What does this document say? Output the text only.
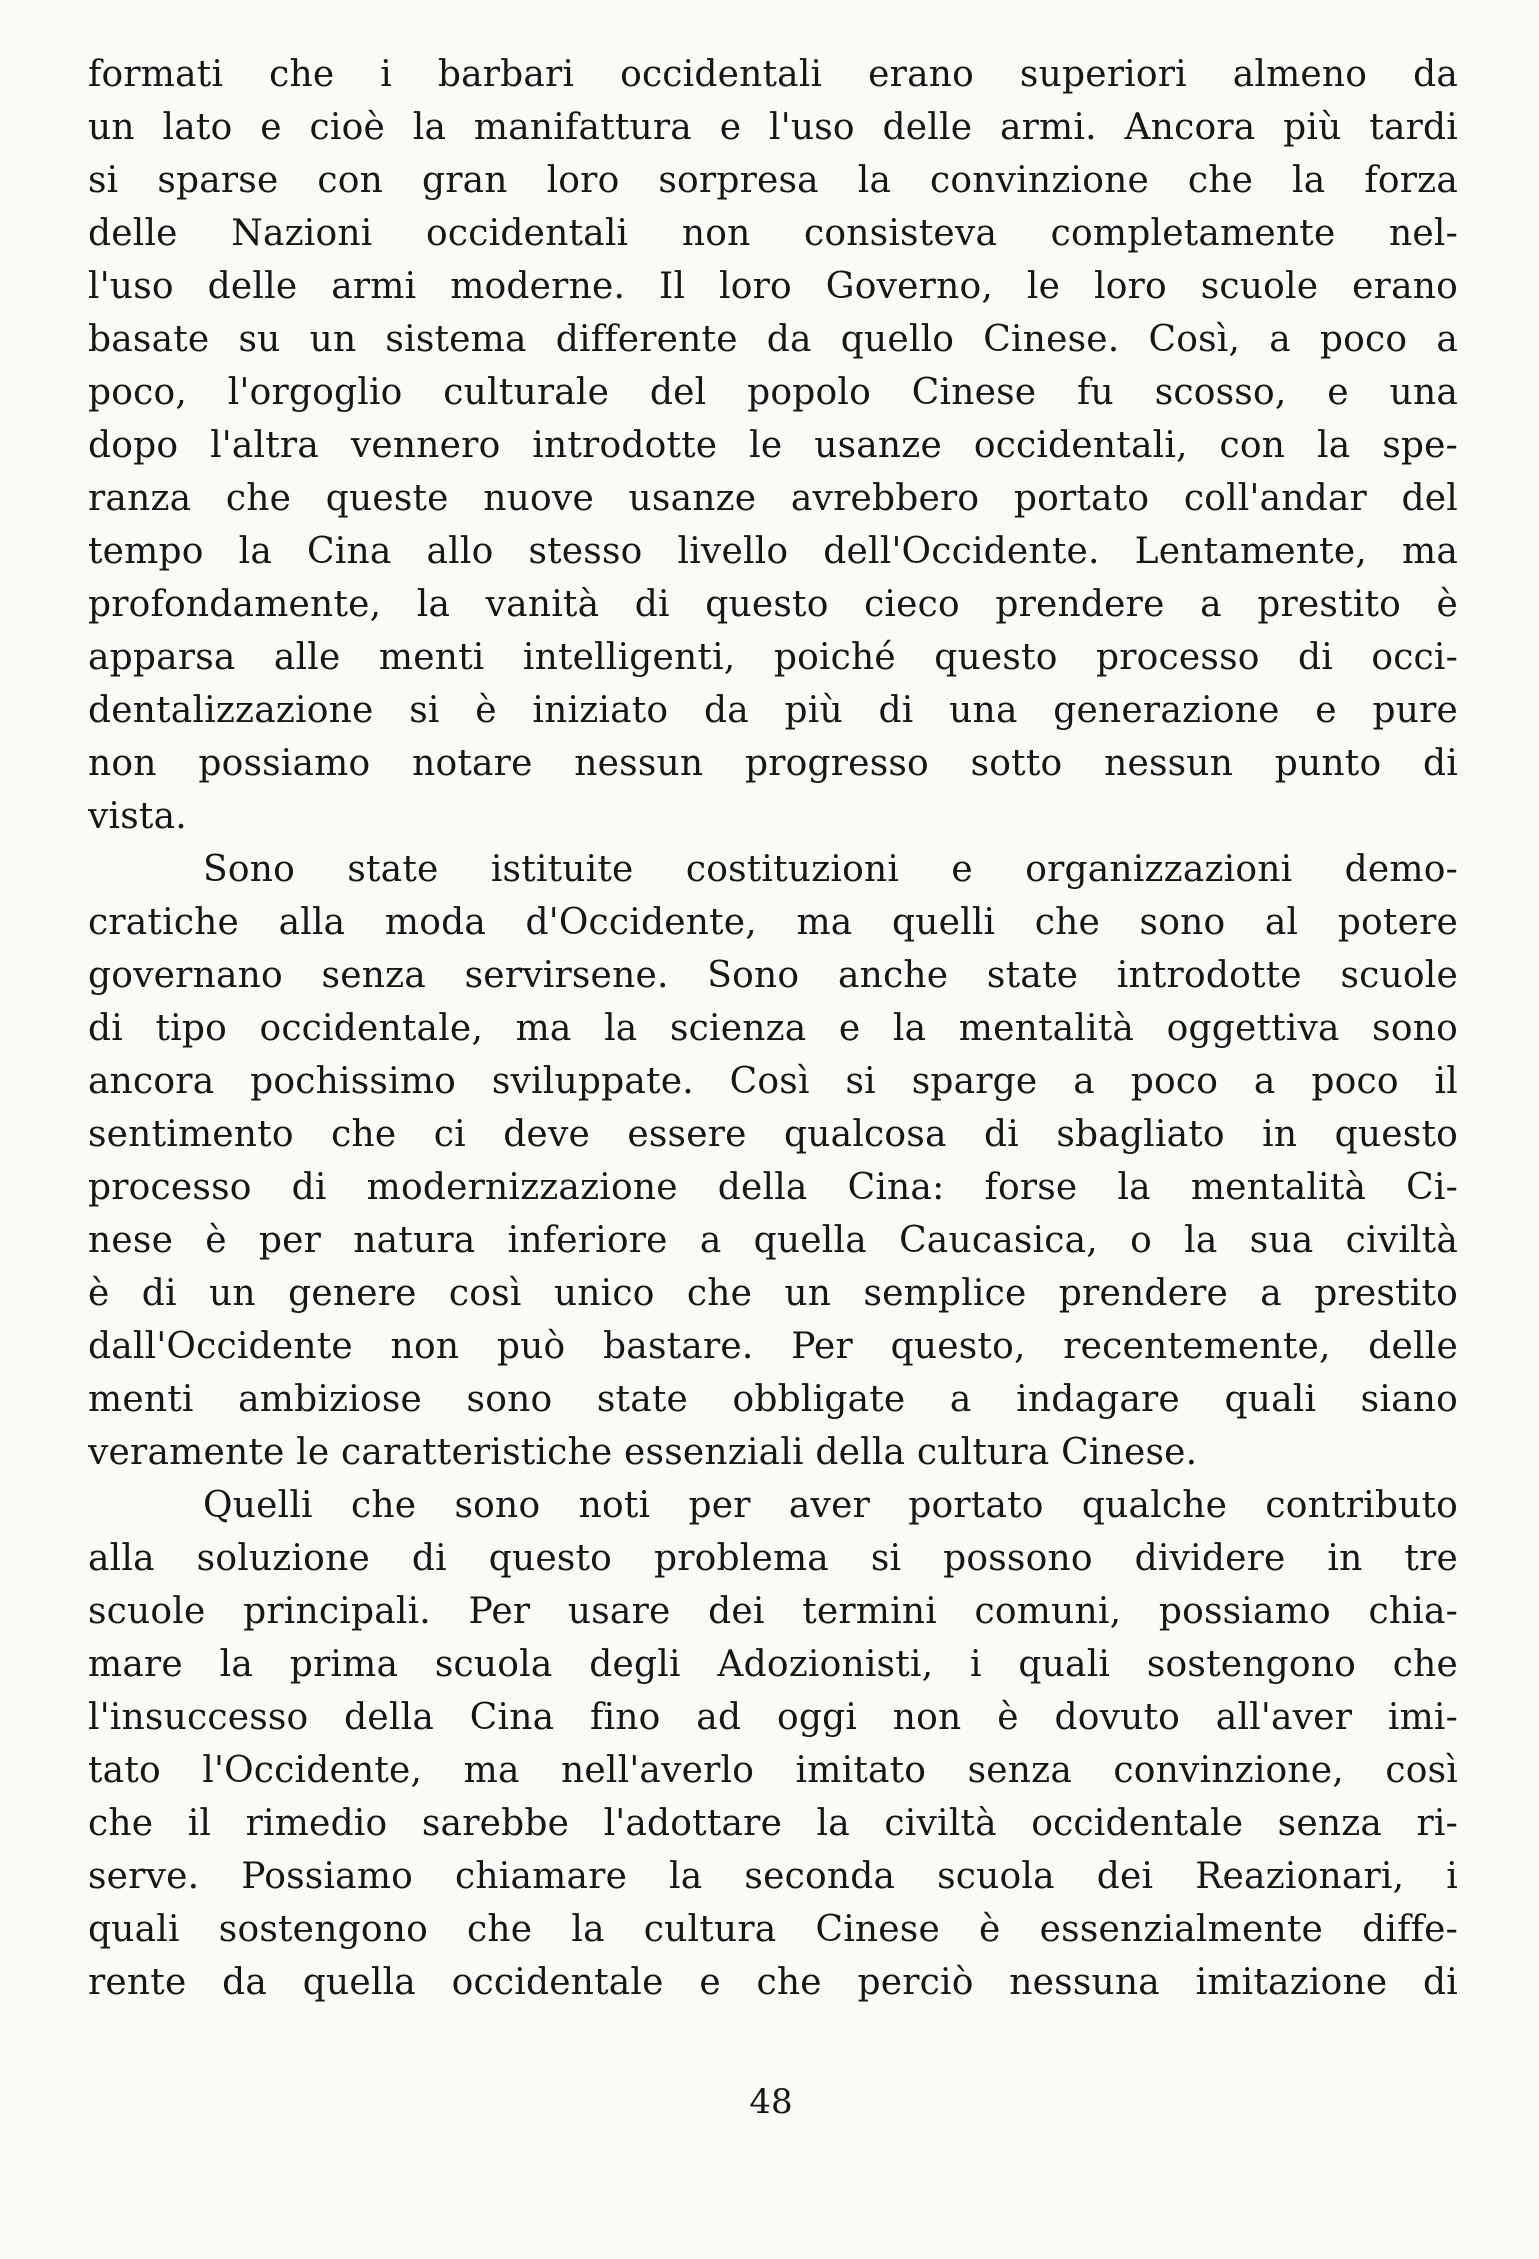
formati che i barbari occidentali erano superiori almeno da
un lato e cioè la manifattura e l'uso delle armi. Ancora più tardi
si sparse con gran loro sorpresa la convinzione che la forza
delle Nazioni occidentali non consisteva completamente nel-
l'uso delle armi moderne. Il loro Governo, le loro scuole erano
basate su un sistema differente da quello Cinese. Così, a poco a
poco, l'orgoglio culturale del popolo Cinese fu scosso, e una
dopo l'altra vennero introdotte le usanze occidentali, con la spe-
ranza che queste nuove usanze avrebbero portato coll'andar del
tempo la Cina allo stesso livello dell'Occidente. Lentamente, ma
profondamente, la vanità di questo cieco prendere a prestito è
apparsa alle menti intelligenti, poiché questo processo di occi-
dentalizzazione si è iniziato da più di una generazione e pure
non possiamo notare nessun progresso sotto nessun punto di
vista.
Sono state istituite costituzioni e organizzazioni demo-
cratiche alla moda d'Occidente, ma quelli che sono al potere
governano senza servirsene. Sono anche state introdotte scuole
di tipo occidentale, ma la scienza e la mentalità oggettiva sono
ancora pochissimo sviluppate. Così si sparge a poco a poco il
sentimento che ci deve essere qualcosa di sbagliato in questo
processo di modernizzazione della Cina: forse la mentalità Ci-
nese è per natura inferiore a quella Caucasica, o la sua civiltà
è di un genere così unico che un semplice prendere a prestito
dall'Occidente non può bastare. Per questo, recentemente, delle
menti ambiziose sono state obbligate a indagare quali siano
veramente le caratteristiche essenziali della cultura Cinese.
Quelli che sono noti per aver portato qualche contributo
alla soluzione di questo problema si possono dividere in tre
scuole principali. Per usare dei termini comuni, possiamo chia-
mare la prima scuola degli Adozionisti, i quali sostengono che
l'insuccesso della Cina fino ad oggi non è dovuto all'aver imi-
tato l'Occidente, ma nell'averlo imitato senza convinzione, così
che il rimedio sarebbe l'adottare la civiltà occidentale senza ri-
serve. Possiamo chiamare la seconda scuola dei Reazionari, i
quali sostengono che la cultura Cinese è essenzialmente diffe-
rente da quella occidentale e che perciò nessuna imitazione di
48
